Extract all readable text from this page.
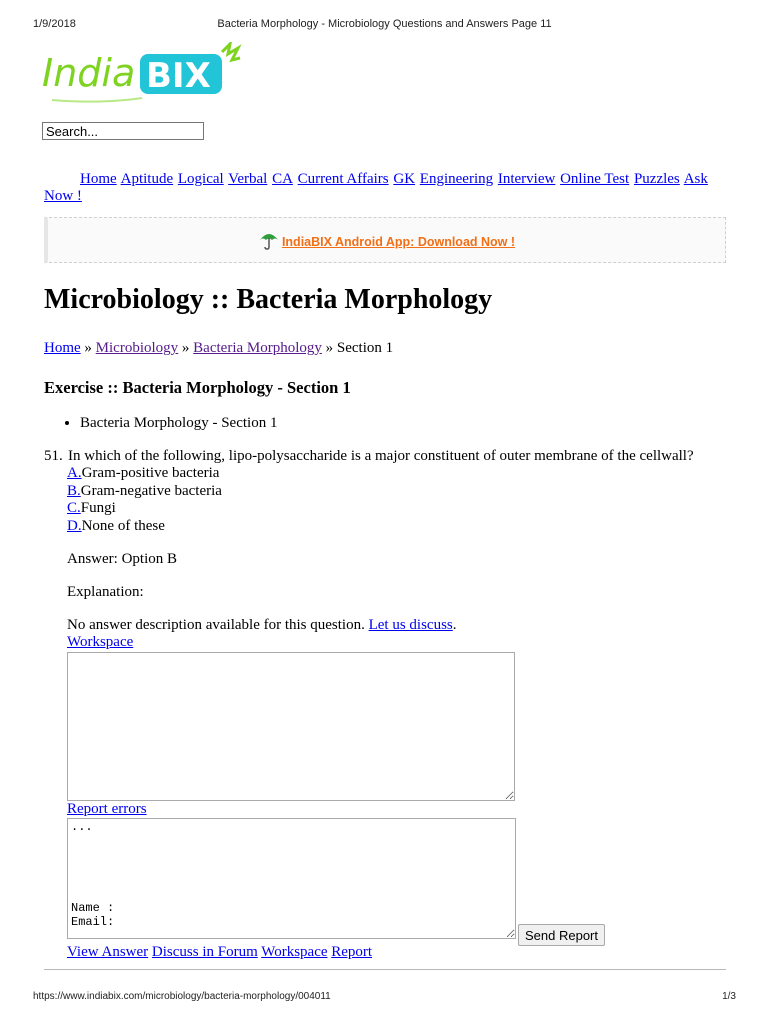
1/9/2018	Bacteria Morphology - Microbiology Questions and Answers Page 11
India BIX
Search...
Home Aptitude Logical Verbal CA Current Affairs GK Engineering Interview Online Test Puzzles Ask Now !
IndiaBIX Android App: Download Now !
Microbiology :: Bacteria Morphology
Home » Microbiology » Bacteria Morphology » Section 1
Exercise :: Bacteria Morphology - Section 1
• Bacteria Morphology - Section 1
51. In which of the following, lipo-polysaccharide is a major constituent of outer membrane of the cellwall?
A.Gram-positive bacteria
B.Gram-negative bacteria
C.Fungi
D.None of these
Answer: Option B
Explanation:
No answer description available for this question. Let us discuss.
Workspace
Report errors
... Name : Email:
Send Report
View Answer Discuss in Forum Workspace Report
https://www.indiabix.com/microbiology/bacteria-morphology/004011	1/3
